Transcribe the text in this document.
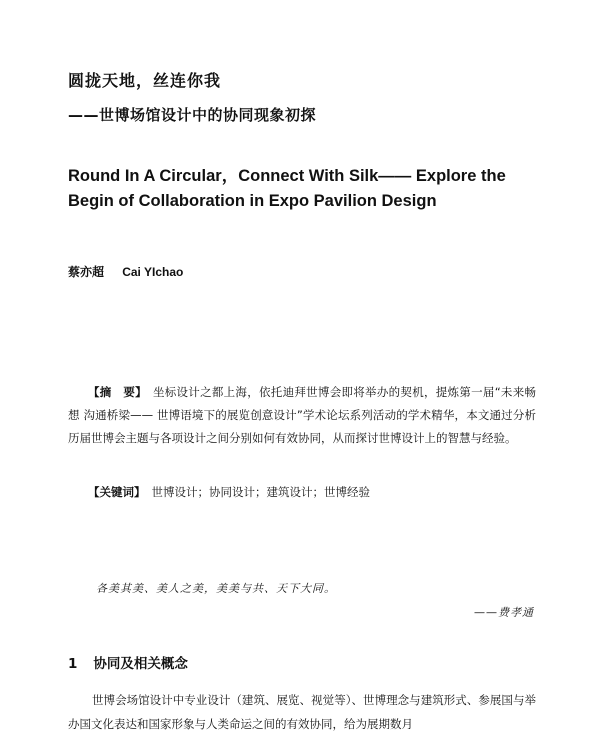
圆拢天地，丝连你我
——世博场馆设计中的协同现象初探
Round In A Circular，Connect With Silk—— Explore the Begin of Collaboration in Expo Pavilion Design
蔡亦超 Cai YIchao
【摘　要】 坐标设计之都上海，依托迪拜世博会即将举办的契机，提炼第一届“未来畅想 沟通桥梁—— 世博语境下的展览创意设计”学术论坛系列活动的学术精华，本文通过分析历届世博会主题与各项设计之间分别如何有效协同，从而探讨世博设计上的智慧与经验。
【关键词】 世博设计；协同设计；建筑设计；世博经验
各美其美、美人之美，美美与共、天下大同。
——费孝通
1 协同及相关概念
世博会场馆设计中专业设计（建筑、展览、视觉等）、世博理念与建筑形式、参展国与举办国文化表达和国家形象与人类命运之间的有效协同，给为展期数月
